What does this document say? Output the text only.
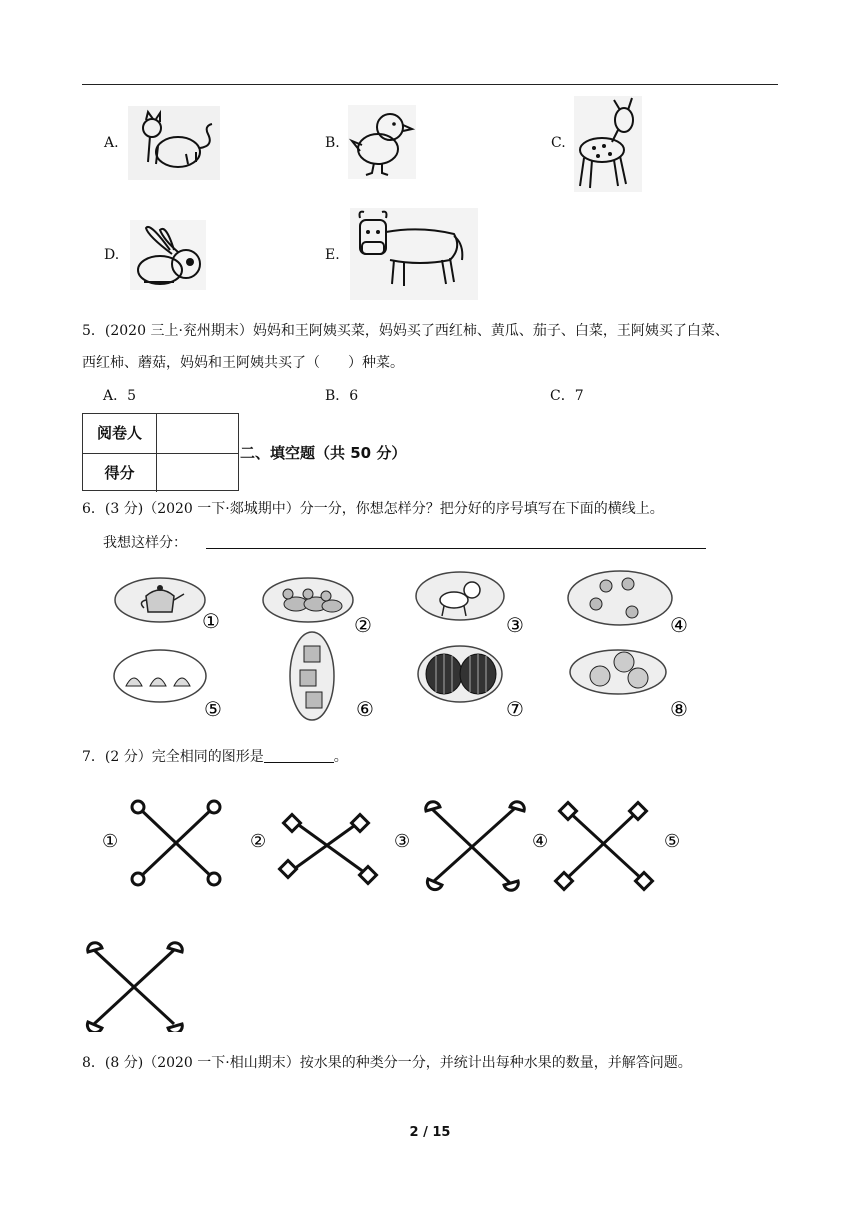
A.	B.	C.
D.	E.
5．(2020 三上·兖州期末）妈妈和王阿姨买菜，妈妈买了西红柿、黄瓜、茄子、白菜，王阿姨买了白菜、
西红柿、蘑菇，妈妈和王阿姨共买了（　　）种菜。
A．5	B．6	C．7
阅卷人
得分
二、填空题（共 50 分）
6．(3 分)（2020 一下·郯城期中）分一分，你想怎样分？把分好的序号填写在下面的横线上。
我想这样分：
①	②	③	④
⑤	⑥	⑦	⑧
7．(2 分）完全相同的图形是	。
①	②	③	④	⑤
8．(8 分)（2020 一下·相山期末）按水果的种类分一分，并统计出每种水果的数量，并解答问题。
2 / 15
